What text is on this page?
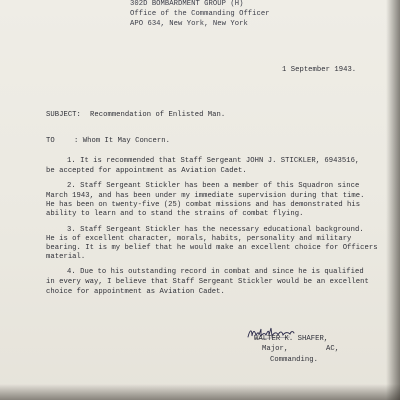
302D BOMBARDMENT GROUP (H)
Office of the Commanding Officer
APO 634, New York, New York
1 September 1943.
SUBJECT: Recommendation of Enlisted Man.
TO	: Whom It May Concern.
1. It is recommended that Staff Sergeant JOHN J. STICKLER, 6943516,
be accepted for appointment as Aviation Cadet.
2. Staff Sergeant Stickler has been a member of this Squadron since
March 1943, and has been under my immediate supervision during that time.
He has been on twenty-five (25) combat missions and has demonstrated his
ability to learn and to stand the strains of combat flying.
3. Staff Sergeant Stickler has the necessary educational background.
He is of excellent character, morals, habits, personality and military
bearing. It is my belief that he would make an excellent choice for Officers
material.
4. Due to his outstanding record in combat and since he is qualified
in every way, I believe that Staff Sergeant Stickler would be an excellent
choice for appointment as Aviation Cadet.
WALTER K. SHAFER,
Major,	AC,
Commanding.
